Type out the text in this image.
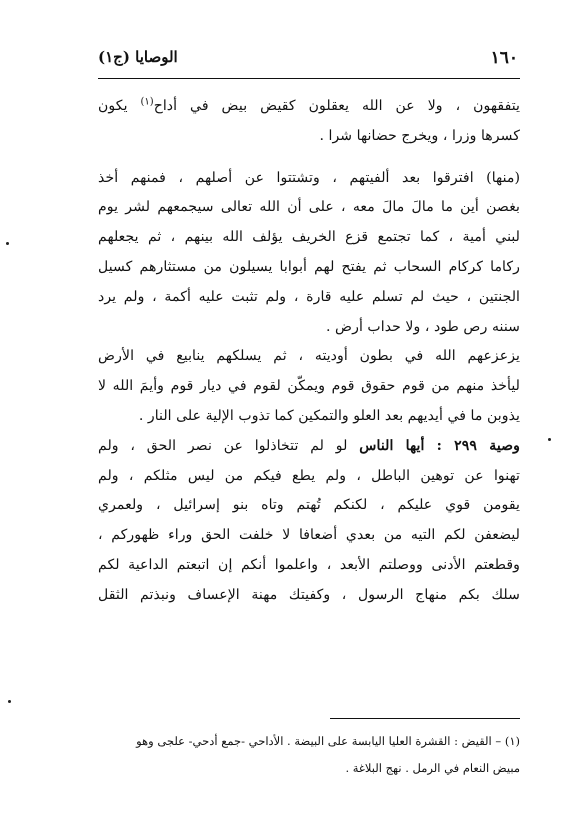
١٦٠
الوصايا (ج١)

يتفقهون ، ولا عن الله يعقلون كقيض بيض في أداح$^{(١)}$ يكون
كسرها وزرا ، ويخرج حضانها شرا .

(منها) افترقوا بعد ألفيتهم ، وتشتتوا عن أصلهم ، فمنهم أخذ
بغصن أين ما مالَ مالَ معه ، على أن الله تعالى سيجمعهم لشر يوم
لبني أمية ، كما تجتمع قزع الخريف يؤلف الله بينهم ، ثم يجعلهم
ركاما كركام السحاب ثم يفتح لهم أبوابا يسيلون من مستثارهم كسيل
الجنتين ، حيث لم تسلم عليه قارة ، ولم تثبت عليه أكمة ، ولم يرد
سننه رص طود ، ولا حداب أرض .

يزعزعهم الله في بطون أوديته ، ثم يسلكهم ينابيع في الأرض
ليأخذ منهم من قوم حقوق قوم ويمكّن لقوم في ديار قوم وأيمَ الله لا
يذوبن ما في أيديهم بعد العلو والتمكين كما تذوب الإلية على النار .

وصية ٢٩٩ : أيها الناس لو لم تتخاذلوا عن نصر الحق ، ولم
تهنوا عن توهين الباطل ، ولم يطع فيكم من ليس مثلكم ، ولم
يقومن قوي عليكم ، لكنكم تُهتم وتاه بنو إسرائيل ، ولعمري
ليضعفن لكم التيه من بعدي أضعافا لا خلفت الحق وراء ظهوركم ،
وقطعتم الأدنى ووصلتم الأبعد ، واعلموا أنكم إن اتبعتم الداعية لكم
سلك بكم منهاج الرسول ، وكفيتك مهنة الإعساف ونبذتم الثقل

(١) – القيض : القشرة العليا اليابسة على البيضة . الأداحي -جمع أدحي- علجى وهو
مبيض النعام في الرمل . نهج البلاغة .
